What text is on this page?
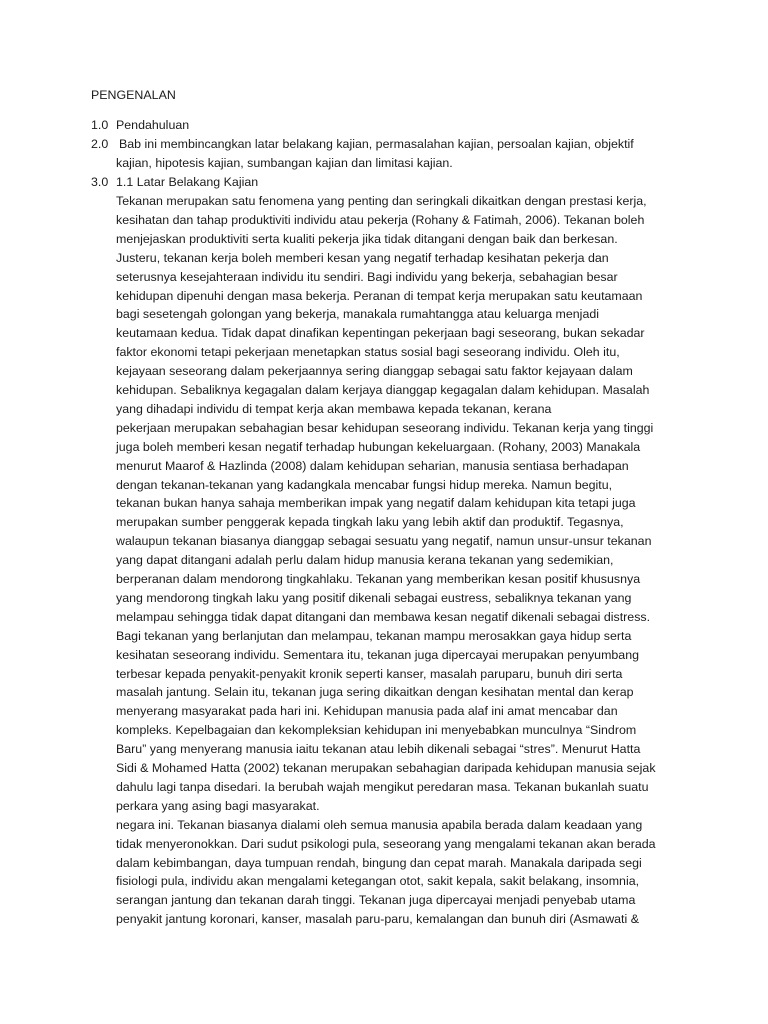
PENGENALAN
1.0 Pendahuluan
2.0 Bab ini membincangkan latar belakang kajian, permasalahan kajian, persoalan kajian, objektif
kajian, hipotesis kajian, sumbangan kajian dan limitasi kajian.
3.0 1.1 Latar Belakang Kajian
Tekanan merupakan satu fenomena yang penting dan seringkali dikaitkan dengan prestasi kerja,
kesihatan dan tahap produktiviti individu atau pekerja (Rohany & Fatimah, 2006). Tekanan boleh
menjejaskan produktiviti serta kualiti pekerja jika tidak ditangani dengan baik dan berkesan.
Justeru, tekanan kerja boleh memberi kesan yang negatif terhadap kesihatan pekerja dan
seterusnya kesejahteraan individu itu sendiri. Bagi individu yang bekerja, sebahagian besar
kehidupan dipenuhi dengan masa bekerja. Peranan di tempat kerja merupakan satu keutamaan
bagi sesetengah golongan yang bekerja, manakala rumahtangga atau keluarga menjadi
keutamaan kedua. Tidak dapat dinafikan kepentingan pekerjaan bagi seseorang, bukan sekadar
faktor ekonomi tetapi pekerjaan menetapkan status sosial bagi seseorang individu. Oleh itu,
kejayaan seseorang dalam pekerjaannya sering dianggap sebagai satu faktor kejayaan dalam
kehidupan. Sebaliknya kegagalan dalam kerjaya dianggap kegagalan dalam kehidupan. Masalah
yang dihadapi individu di tempat kerja akan membawa kepada tekanan, kerana
pekerjaan merupakan sebahagian besar kehidupan seseorang individu. Tekanan kerja yang tinggi
juga boleh memberi kesan negatif terhadap hubungan kekeluargaan. (Rohany, 2003) Manakala
menurut Maarof & Hazlinda (2008) dalam kehidupan seharian, manusia sentiasa berhadapan
dengan tekanan-tekanan yang kadangkala mencabar fungsi hidup mereka. Namun begitu,
tekanan bukan hanya sahaja memberikan impak yang negatif dalam kehidupan kita tetapi juga
merupakan sumber penggerak kepada tingkah laku yang lebih aktif dan produktif. Tegasnya,
walaupun tekanan biasanya dianggap sebagai sesuatu yang negatif, namun unsur-unsur tekanan
yang dapat ditangani adalah perlu dalam hidup manusia kerana tekanan yang sedemikian,
berperanan dalam mendorong tingkahlaku. Tekanan yang memberikan kesan positif khususnya
yang mendorong tingkah laku yang positif dikenali sebagai eustress, sebaliknya tekanan yang
melampau sehingga tidak dapat ditangani dan membawa kesan negatif dikenali sebagai distress.
Bagi tekanan yang berlanjutan dan melampau, tekanan mampu merosakkan gaya hidup serta
kesihatan seseorang individu. Sementara itu, tekanan juga dipercayai merupakan penyumbang
terbesar kepada penyakit-penyakit kronik seperti kanser, masalah paruparu, bunuh diri serta
masalah jantung. Selain itu, tekanan juga sering dikaitkan dengan kesihatan mental dan kerap
menyerang masyarakat pada hari ini. Kehidupan manusia pada alaf ini amat mencabar dan
kompleks. Kepelbagaian dan kekompleksian kehidupan ini menyebabkan munculnya “Sindrom
Baru” yang menyerang manusia iaitu tekanan atau lebih dikenali sebagai “stres”. Menurut Hatta
Sidi & Mohamed Hatta (2002) tekanan merupakan sebahagian daripada kehidupan manusia sejak
dahulu lagi tanpa disedari. Ia berubah wajah mengikut peredaran masa. Tekanan bukanlah suatu
perkara yang asing bagi masyarakat.
negara ini. Tekanan biasanya dialami oleh semua manusia apabila berada dalam keadaan yang
tidak menyeronokkan. Dari sudut psikologi pula, seseorang yang mengalami tekanan akan berada
dalam kebimbangan, daya tumpuan rendah, bingung dan cepat marah. Manakala daripada segi
fisiologi pula, individu akan mengalami ketegangan otot, sakit kepala, sakit belakang, insomnia,
serangan jantung dan tekanan darah tinggi. Tekanan juga dipercayai menjadi penyebab utama
penyakit jantung koronari, kanser, masalah paru-paru, kemalangan dan bunuh diri (Asmawati &
